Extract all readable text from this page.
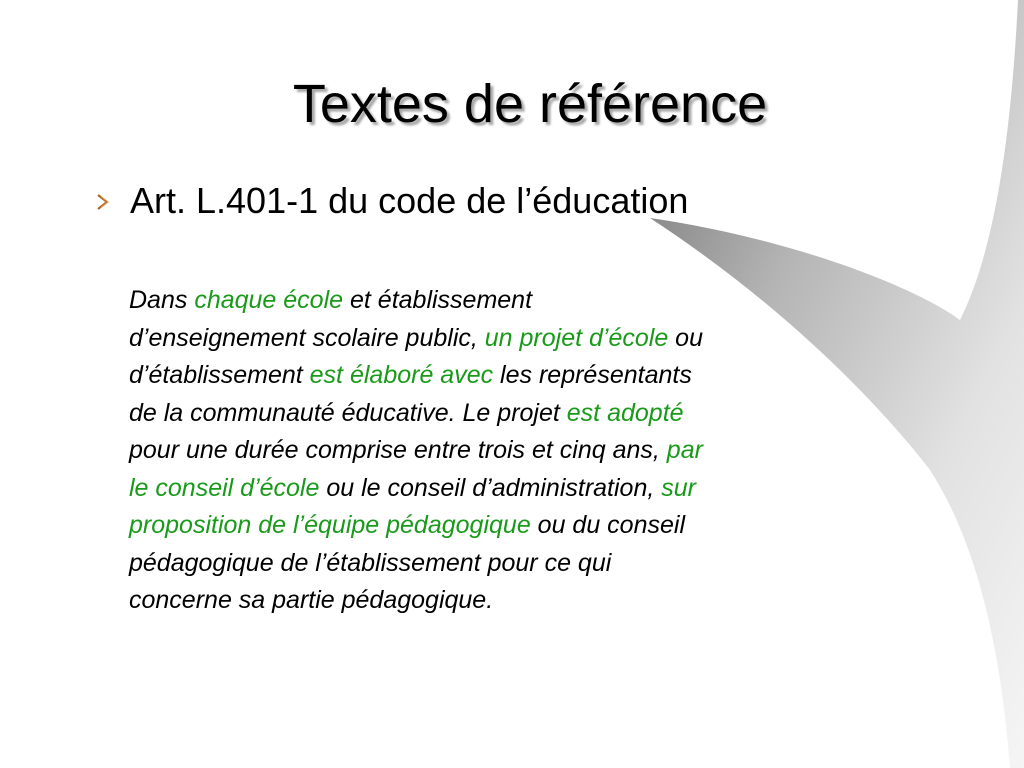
Textes de référence
Art. L.401-1 du code de l’éducation
Dans chaque école et établissement
d’enseignement scolaire public, un projet d’école ou
d’établissement est élaboré avec les représentants
de la communauté éducative. Le projet est adopté
pour une durée comprise entre trois et cinq ans, par
le conseil d’école ou le conseil d’administration, sur
proposition de l’équipe pédagogique ou du conseil
pédagogique de l’établissement pour ce qui
concerne sa partie pédagogique.
